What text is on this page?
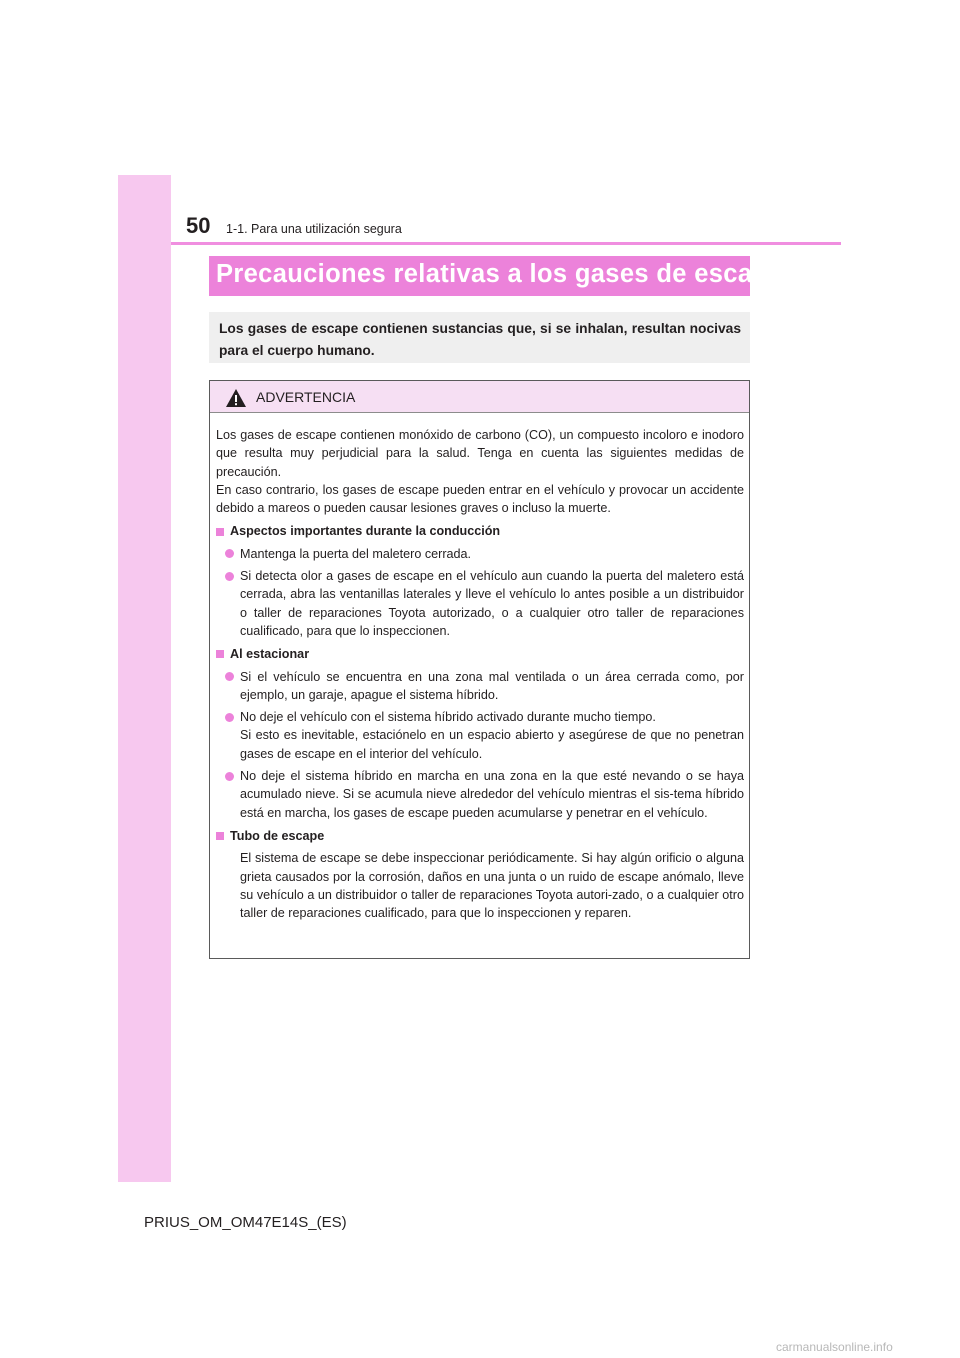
50 1-1. Para una utilización segura
Precauciones relativas a los gases de escape
Los gases de escape contienen sustancias que, si se inhalan, resultan nocivas para el cuerpo humano.
ADVERTENCIA

Los gases de escape contienen monóxido de carbono (CO), un compuesto incoloro e inodoro que resulta muy perjudicial para la salud. Tenga en cuenta las siguientes medidas de precaución.

En caso contrario, los gases de escape pueden entrar en el vehículo y provocar un accidente debido a mareos o pueden causar lesiones graves o incluso la muerte.

Aspectos importantes durante la conducción
Mantenga la puerta del maletero cerrada.
Si detecta olor a gases de escape en el vehículo aun cuando la puerta del maletero está cerrada, abra las ventanillas laterales y lleve el vehículo lo antes posible a un distribuidor o taller de reparaciones Toyota autorizado, o a cualquier otro taller de reparaciones cualificado, para que lo inspeccionen.
Al estacionar
Si el vehículo se encuentra en una zona mal ventilada o un área cerrada como, por ejemplo, un garaje, apague el sistema híbrido.
No deje el vehículo con el sistema híbrido activado durante mucho tiempo.
Si esto es inevitable, estaciónelo en un espacio abierto y asegúrese de que no penetran gases de escape en el interior del vehículo.
No deje el sistema híbrido en marcha en una zona en la que esté nevando o se haya acumulado nieve. Si se acumula nieve alrededor del vehículo mientras el sis-tema híbrido está en marcha, los gases de escape pueden acumularse y penetrar en el vehículo.
Tubo de escape
El sistema de escape se debe inspeccionar periódicamente. Si hay algún orificio o alguna grieta causados por la corrosión, daños en una junta o un ruido de escape anómalo, lleve su vehículo a un distribuidor o taller de reparaciones Toyota autori-zado, o a cualquier otro taller de reparaciones cualificado, para que lo inspeccionen y reparen.
PRIUS_OM_OM47E14S_(ES)
carmanualsonline.info
